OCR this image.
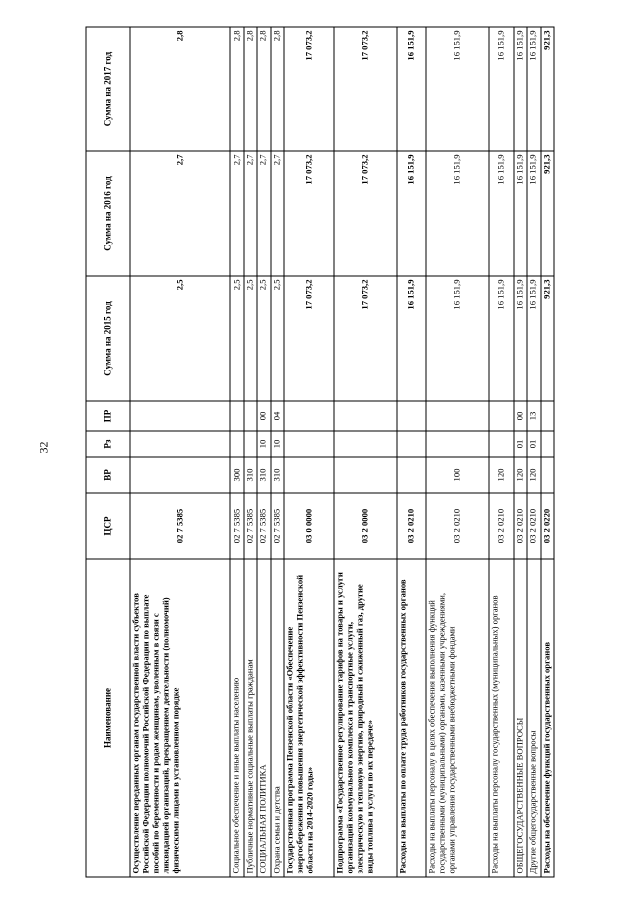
32
Наименование	ЦСР	ВР	Рз	ПР	Сумма на 2015 год	Сумма на 2016 год	Сумма на 2017 год
Осуществление переданных органам государственной власти субъектов Российской Федерации полномочий Российской Федерации по выплате пособий по беременности и родам женщинам, уволенным в связи с ликвидацией организаций, прекращением деятельности (полномочий) физическими лицами в установленном порядке	02 7 5385				2,5	2,7	2,8
Социальное обеспечение и иные выплаты населению	02 7 5385	300			2,5	2,7	2,8
Публичные нормативные социальные выплаты гражданам	02 7 5385	310			2,5	2,7	2,8
СОЦИАЛЬНАЯ ПОЛИТИКА	02 7 5385	310	10	00	2,5	2,7	2,8
Охрана семьи и детства	02 7 5385	310	10	04	2,5	2,7	2,8
Государственная программа Пензенской области «Обеспечение энергосбережения и повышения энергетической эффективности Пензенской области на 2014-2020 годы»	03 0 0000				17 073,2	17 073,2	17 073,2
Подпрограмма «Государственное регулирование тарифов на товары и услуги организаций коммунального комплекса и транспортные услуги, электрическую и тепловую энергию, природный и сжиженный газ, другие виды топлива и услуги по их передаче»	03 2 0000				17 073,2	17 073,2	17 073,2
Расходы на выплаты по оплате труда работников государственных органов	03 2 0210				16 151,9	16 151,9	16 151,9
Расходы на выплаты персоналу в целях обеспечения выполнения функций государственными (муниципальными) органами, казенными учреждениями, органами управления государственными внебюджетными фондами	03 2 0210	100			16 151,9	16 151,9	16 151,9
Расходы на выплаты персоналу государственных (муниципальных) органов	03 2 0210	120			16 151,9	16 151,9	16 151,9
ОБЩЕГОСУДАРСТВЕННЫЕ ВОПРОСЫ	03 2 0210	120	01	00	16 151,9	16 151,9	16 151,9
Другие общегосударственные вопросы	03 2 0210	120	01	13	16 151,9	16 151,9	16 151,9
Расходы на обеспечение функций государственных органов	03 2 0220				921,3	921,3	921,3
